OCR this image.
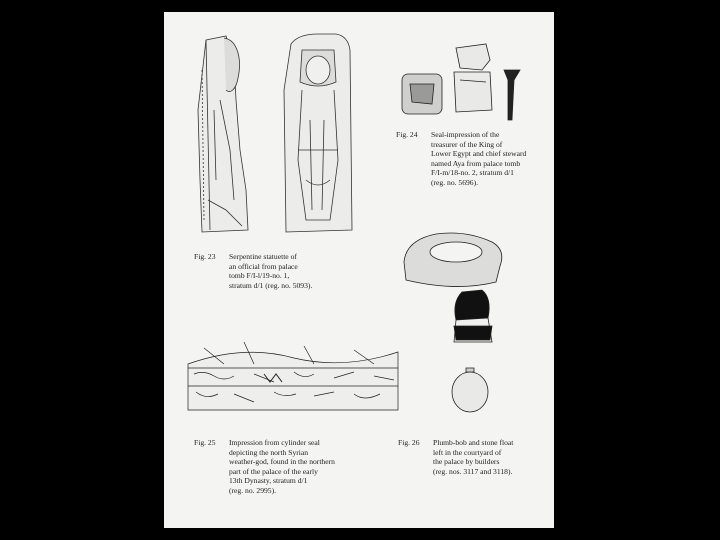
Fig. 24 Seal-impression of the
treasurer of the King of
Lower Egypt and chief steward
named Aya from palace tomb
F/I-m/18-no. 2, stratum d/1
(reg. no. 5696).
Fig. 23 Serpentine statuette of
an official from palace
tomb F/I-l/19-no. 1,
stratum d/1 (reg. no. 5093).
Fig. 25 Impression from cylinder seal
depicting the north Syrian
weather-god, found in the northern
part of the palace of the early
13th Dynasty, stratum d/1
(reg. no. 2995).
Fig. 26 Plumb-bob and stone float
left in the courtyard of
the palace by builders
(reg. nos. 3117 and 3118).
